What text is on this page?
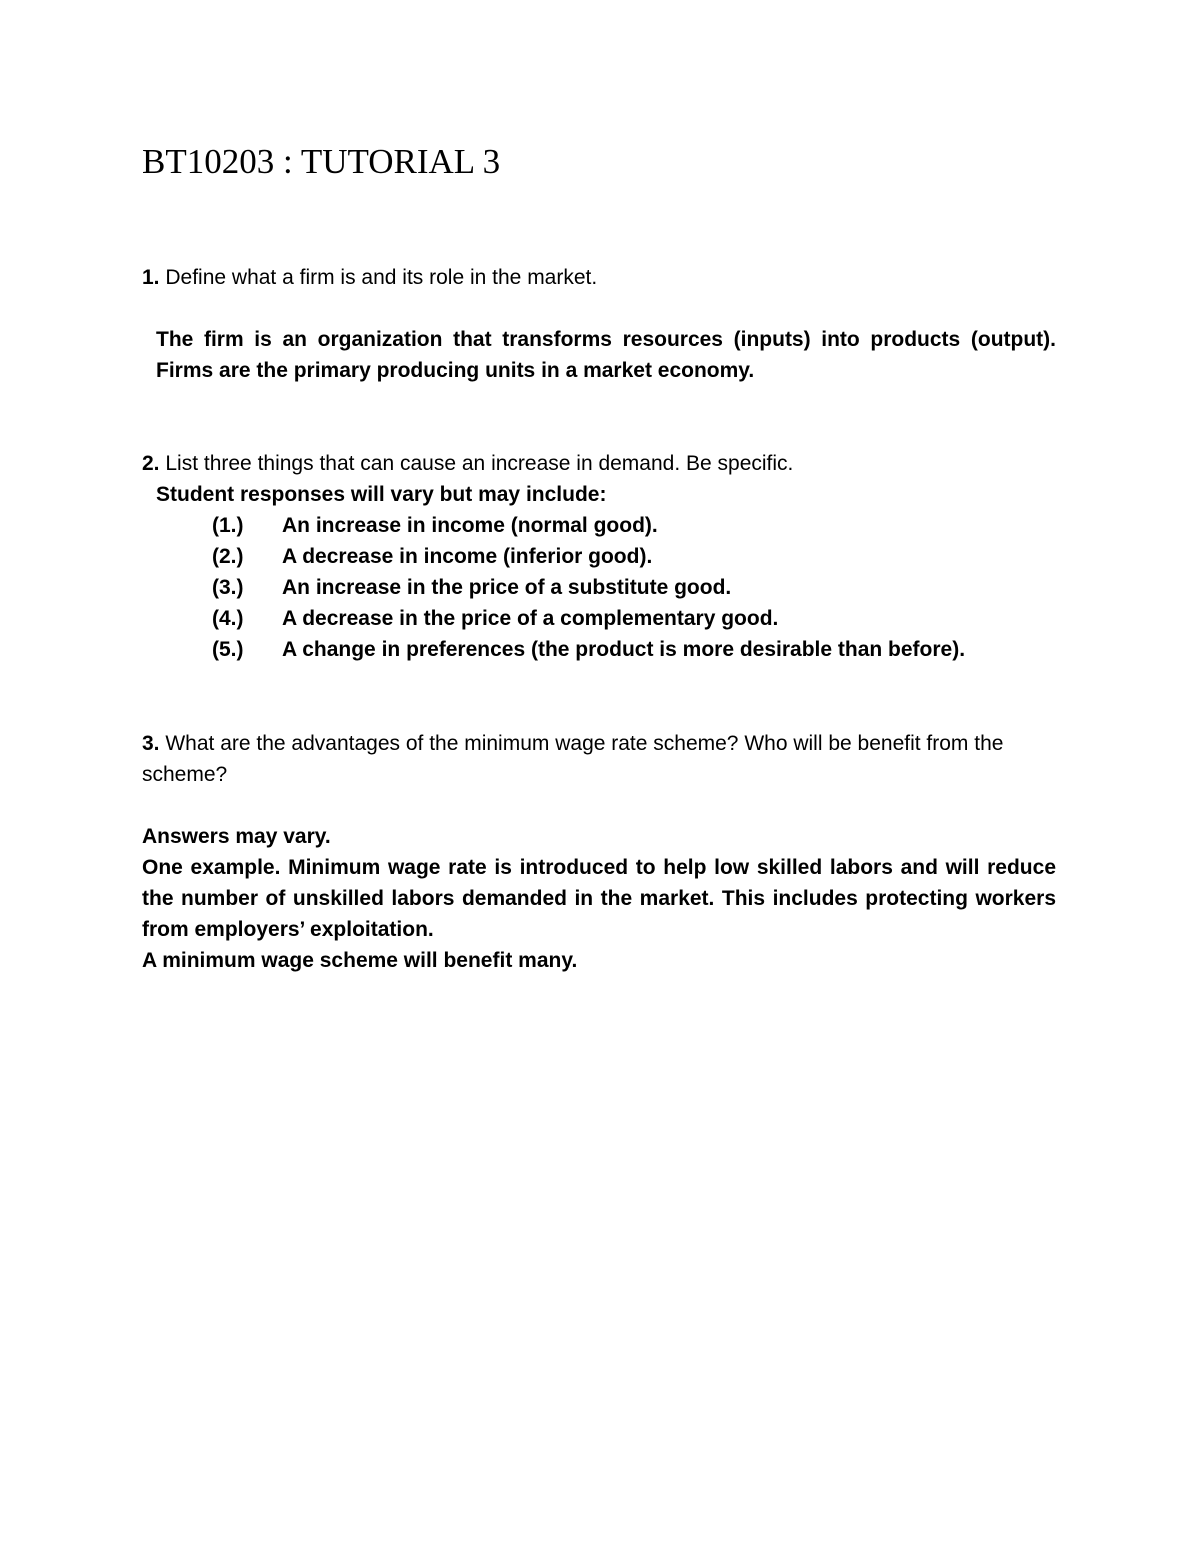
BT10203 : TUTORIAL 3

1. Define what a firm is and its role in the market.

The firm is an organization that transforms resources (inputs) into products (output). Firms are the primary producing units in a market economy.

2. List three things that can cause an increase in demand. Be specific.

Student responses will vary but may include:

(1.)	An increase in income (normal good).
(2.)	A decrease in income (inferior good).
(3.)	An increase in the price of a substitute good.
(4.)	A decrease in the price of a complementary good.
(5.)	A change in preferences (the product is more desirable than before).

3. What are the advantages of the minimum wage rate scheme? Who will be benefit from the scheme?

Answers may vary.

One example. Minimum wage rate is introduced to help low skilled labors and will reduce the number of unskilled labors demanded in the market. This includes protecting workers from employers’ exploitation.

A minimum wage scheme will benefit many.
